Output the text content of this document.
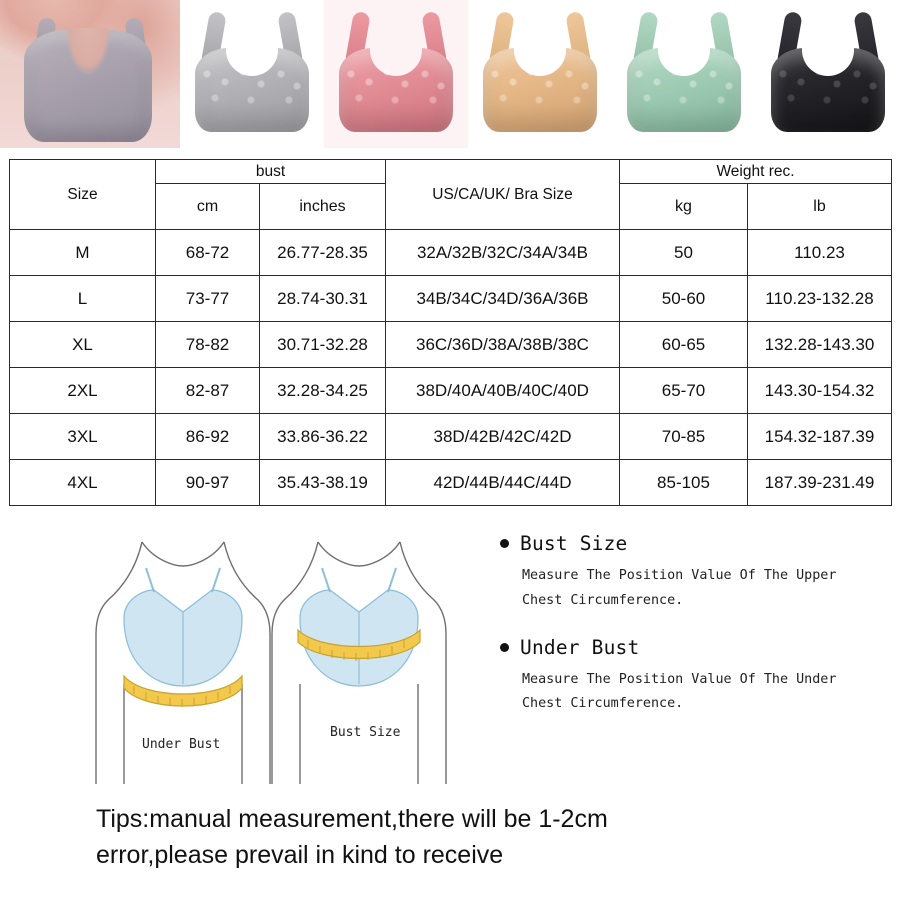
Size	bust		US/CA/UK/ Bra Size	Weight rec.	
	cm	inches		kg	lb
M	68-72	26.77-28.35	32A/32B/32C/34A/34B	50	110.23
L	73-77	28.74-30.31	34B/34C/34D/36A/36B	50-60	110.23-132.28
XL	78-82	30.71-32.28	36C/36D/38A/38B/38C	60-65	132.28-143.30
2XL	82-87	32.28-34.25	38D/40A/40B/40C/40D	65-70	143.30-154.32
3XL	86-92	33.86-36.22	38D/42B/42C/42D	70-85	154.32-187.39
4XL	90-97	35.43-38.19	42D/44B/44C/44D	85-105	187.39-231.49
Under Bust
Bust Size
Bust Size
Measure The Position Value Of The Upper
Chest Circumference.
Under Bust
Measure The Position Value Of The Under
Chest Circumference.
Tips:manual measurement,there will be 1-2cm
error,please prevail in kind to receive
